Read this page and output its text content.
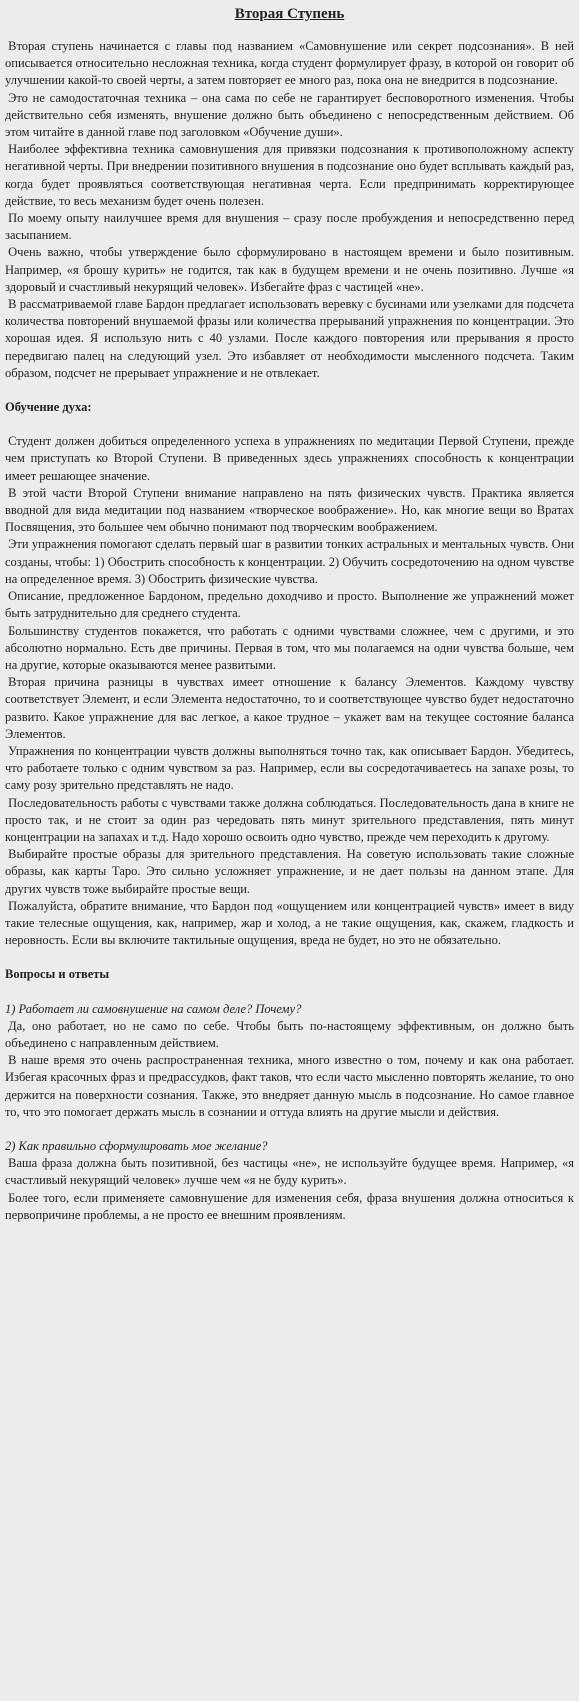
Вторая Ступень

Вторая ступень начинается с главы под названием «Самовнушение или секрет подсознания». В ней описывается относительно несложная техника, когда студент формулирует фразу, в которой он говорит об улучшении какой-то своей черты, а затем повторяет ее много раз, пока она не внедрится в подсознание.

Это не самодостаточная техника – она сама по себе не гарантирует бесповоротного изменения. Чтобы действительно себя изменять, внушение должно быть объединено с непосредственным действием. Об этом читайте в данной главе под заголовком «Обучение души».

Наиболее эффективна техника самовнушения для привязки подсознания к противоположному аспекту негативной черты. При внедрении позитивного внушения в подсознание оно будет всплывать каждый раз, когда будет проявляться соответствующая негативная черта. Если предпринимать корректирующее действие, то весь механизм будет очень полезен.

По моему опыту наилучшее время для внушения – сразу после пробуждения и непосредственно перед засыпанием.

Очень важно, чтобы утверждение было сформулировано в настоящем времени и было позитивным. Например, «я брошу курить» не годится, так как в будущем времени и не очень позитивно. Лучше «я здоровый и счастливый некурящий человек». Избегайте фраз с частицей «не».

В рассматриваемой главе Бардон предлагает использовать веревку с бусинами или узелками для подсчета количества повторений внушаемой фразы или количества прерываний упражнения по концентрации. Это хорошая идея. Я использую нить с 40 узлами. После каждого повторения или прерывания я просто передвигаю палец на следующий узел. Это избавляет от необходимости мысленного подсчета. Таким образом, подсчет не прерывает упражнение и не отвлекает.

Обучение духа:

Студент должен добиться определенного успеха в упражнениях по медитации Первой Ступени, прежде чем приступать ко Второй Ступени. В приведенных здесь упражнениях способность к концентрации имеет решающее значение.

В этой части Второй Ступени внимание направлено на пять физических чувств. Практика является вводной для вида медитации под названием «творческое воображение». Но, как многие вещи во Вратах Посвящения, это большее чем обычно понимают под творческим воображением.

Эти упражнения помогают сделать первый шаг в развитии тонких астральных и ментальных чувств. Они созданы, чтобы: 1) Обострить способность к концентрации. 2) Обучить сосредоточению на одном чувстве на определенное время. 3) Обострить физические чувства.

Описание, предложенное Бардоном, предельно доходчиво и просто. Выполнение же упражнений может быть затруднительно для среднего студента.

Большинству студентов покажется, что работать с одними чувствами сложнее, чем с другими, и это абсолютно нормально. Есть две причины. Первая в том, что мы полагаемся на одни чувства больше, чем на другие, которые оказываются менее развитыми.

Вторая причина разницы в чувствах имеет отношение к балансу Элементов. Каждому чувству соответствует Элемент, и если Элемента недостаточно, то и соответствующее чувство будет недостаточно развито. Какое упражнение для вас легкое, а какое трудное – укажет вам на текущее состояние баланса Элементов.

Упражнения по концентрации чувств должны выполняться точно так, как описывает Бардон. Убедитесь, что работаете только с одним чувством за раз. Например, если вы сосредотачиваетесь на запахе розы, то саму розу зрительно представлять не надо.

Последовательность работы с чувствами также должна соблюдаться. Последовательность дана в книге не просто так, и не стоит за один раз чередовать пять минут зрительного представления, пять минут концентрации на запахах и т.д. Надо хорошо освоить одно чувство, прежде чем переходить к другому.

Выбирайте простые образы для зрительного представления. На советую использовать такие сложные образы, как карты Таро. Это сильно усложняет упражнение, и не дает пользы на данном этапе. Для других чувств тоже выбирайте простые вещи.

Пожалуйста, обратите внимание, что Бардон под «ощущением или концентрацией чувств» имеет в виду такие телесные ощущения, как, например, жар и холод, а не такие ощущения, как, скажем, гладкость и неровность. Если вы включите тактильные ощущения, вреда не будет, но это не обязательно.

Вопросы и ответы

1) Работает ли самовнушение на самом деле? Почему?

Да, оно работает, но не само по себе. Чтобы быть по-настоящему эффективным, он должно быть объединено с направленным действием.

В наше время это очень распространенная техника, много известно о том, почему и как она работает. Избегая красочных фраз и предрассудков, факт таков, что если часто мысленно повторять желание, то оно держится на поверхности сознания. Также, это внедряет данную мысль в подсознание. Но самое главное то, что это помогает держать мысль в сознании и оттуда влиять на другие мысли и действия.

2) Как правильно сформулировать мое желание?

Ваша фраза должна быть позитивной, без частицы «не», не используйте будущее время. Например, «я счастливый некурящий человек» лучше чем «я не буду курить».

Более того, если применяете самовнушение для изменения себя, фраза внушения должна относиться к первопричине проблемы, а не просто ее внешним проявлениям.
